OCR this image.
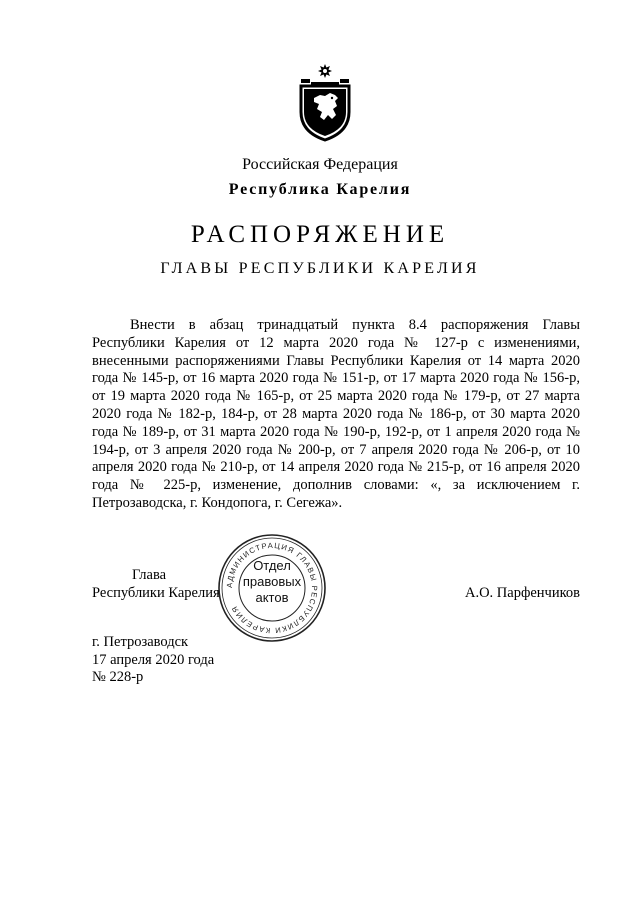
Российская Федерация
Республика Карелия
РАСПОРЯЖЕНИЕ
ГЛАВЫ РЕСПУБЛИКИ КАРЕЛИЯ
Внести в абзац тринадцатый пункта 8.4 распоряжения Главы Республики Карелия от 12 марта 2020 года № 127-р с изменениями, внесенными распоряжениями Главы Республики Карелия от 14 марта 2020 года № 145-р, от 16 марта 2020 года № 151-р, от 17 марта 2020 года № 156-р, от 19 марта 2020 года № 165-р, от 25 марта 2020 года № 179-р, от 27 марта 2020 года № 182-р, 184-р, от 28 марта 2020 года № 186-р, от 30 марта 2020 года № 189-р, от 31 марта 2020 года № 190-р, 192-р, от 1 апреля 2020 года № 194-р, от 3 апреля 2020 года № 200-р, от 7 апреля 2020 года № 206-р, от 10 апреля 2020 года № 210-р, от 14 апреля 2020 года № 215-р, от 16 апреля 2020 года № 225-р, изменение, дополнив словами: «, за исключением г. Петрозаводска, г. Кондопога, г. Сегежа».
Глава
Республики Карелия
АДМИНИСТРАЦИЯ ГЛАВЫ РЕСПУБЛИКИ КАРЕЛИЯ
Отдел
правовых
актов	А.О. Парфенчиков
г. Петрозаводск
17 апреля 2020 года
№ 228-р
